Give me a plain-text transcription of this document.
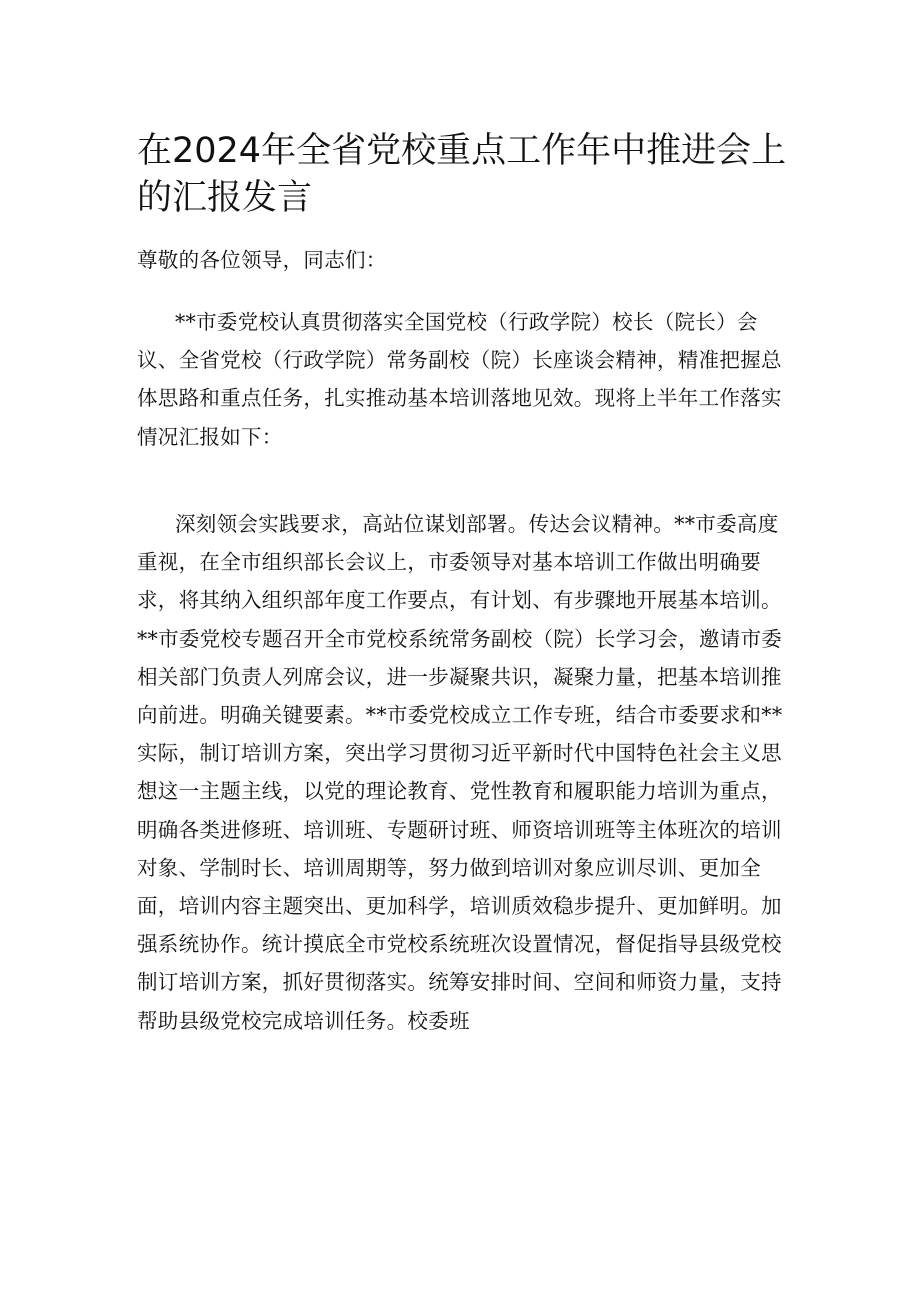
在2024年全省党校重点工作年中推进会上的汇报发言

尊敬的各位领导，同志们：

**市委党校认真贯彻落实全国党校（行政学院）校长（院长）会议、全省党校（行政学院）常务副校（院）长座谈会精神，精准把握总体思路和重点任务，扎实推动基本培训落地见效。现将上半年工作落实情况汇报如下：

深刻领会实践要求，高站位谋划部署。传达会议精神。**市委高度重视，在全市组织部长会议上，市委领导对基本培训工作做出明确要求，将其纳入组织部年度工作要点，有计划、有步骤地开展基本培训。**市委党校专题召开全市党校系统常务副校（院）长学习会，邀请市委相关部门负责人列席会议，进一步凝聚共识，凝聚力量，把基本培训推向前进。明确关键要素。**市委党校成立工作专班，结合市委要求和**实际，制订培训方案，突出学习贯彻习近平新时代中国特色社会主义思想这一主题主线，以党的理论教育、党性教育和履职能力培训为重点，明确各类进修班、培训班、专题研讨班、师资培训班等主体班次的培训对象、学制时长、培训周期等，努力做到培训对象应训尽训、更加全面，培训内容主题突出、更加科学，培训质效稳步提升、更加鲜明。加强系统协作。统计摸底全市党校系统班次设置情况，督促指导县级党校制订培训方案，抓好贯彻落实。统筹安排时间、空间和师资力量，支持帮助县级党校完成培训任务。校委班
